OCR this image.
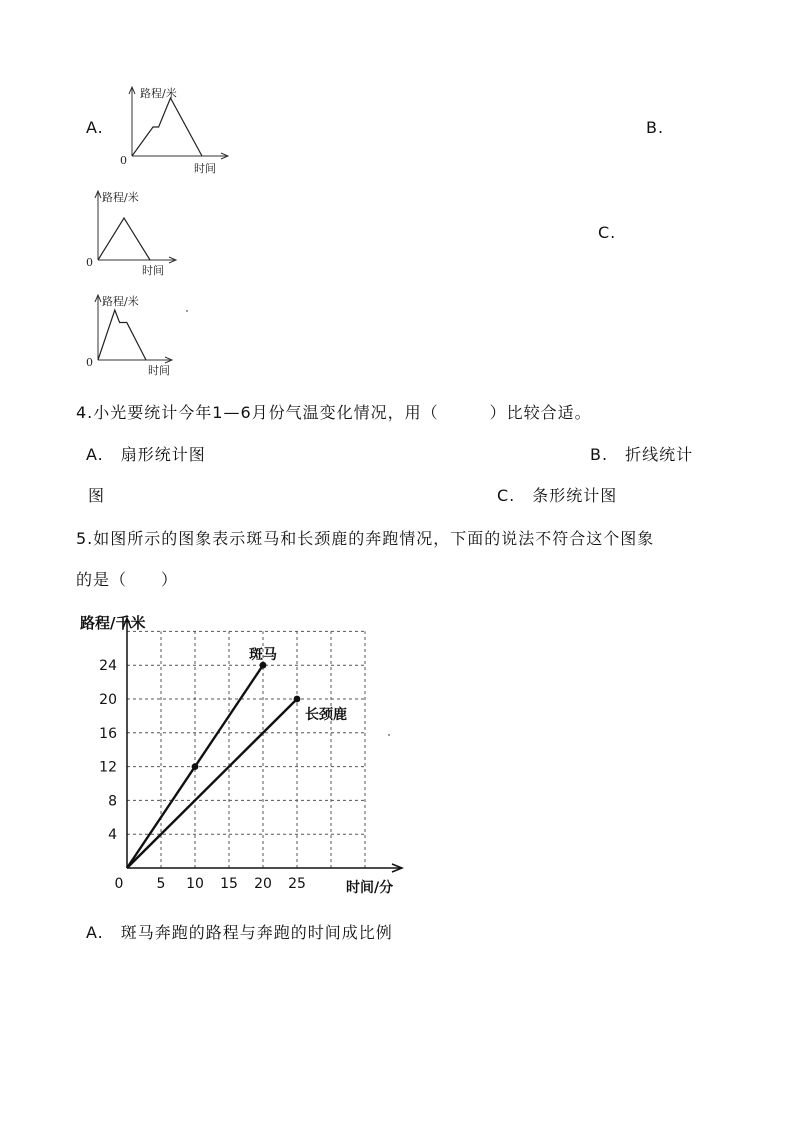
A.	B.
C.
路程/米
0
时间
路程/米
0
时间
路程/米
0
时间
4.小光要统计今年1—6月份气温变化情况，用（　　　）比较合适。
A.　扇形统计图	B.　折线统计
图	C.　条形统计图
5.如图所示的图象表示斑马和长颈鹿的奔跑情况，下面的说法不符合这个图象
的是（　　）
5 10 15 20 25
4
8
12
16
20
24
0
路程/千米
时间/分
斑马
长颈鹿
A.　斑马奔跑的路程与奔跑的时间成比例
